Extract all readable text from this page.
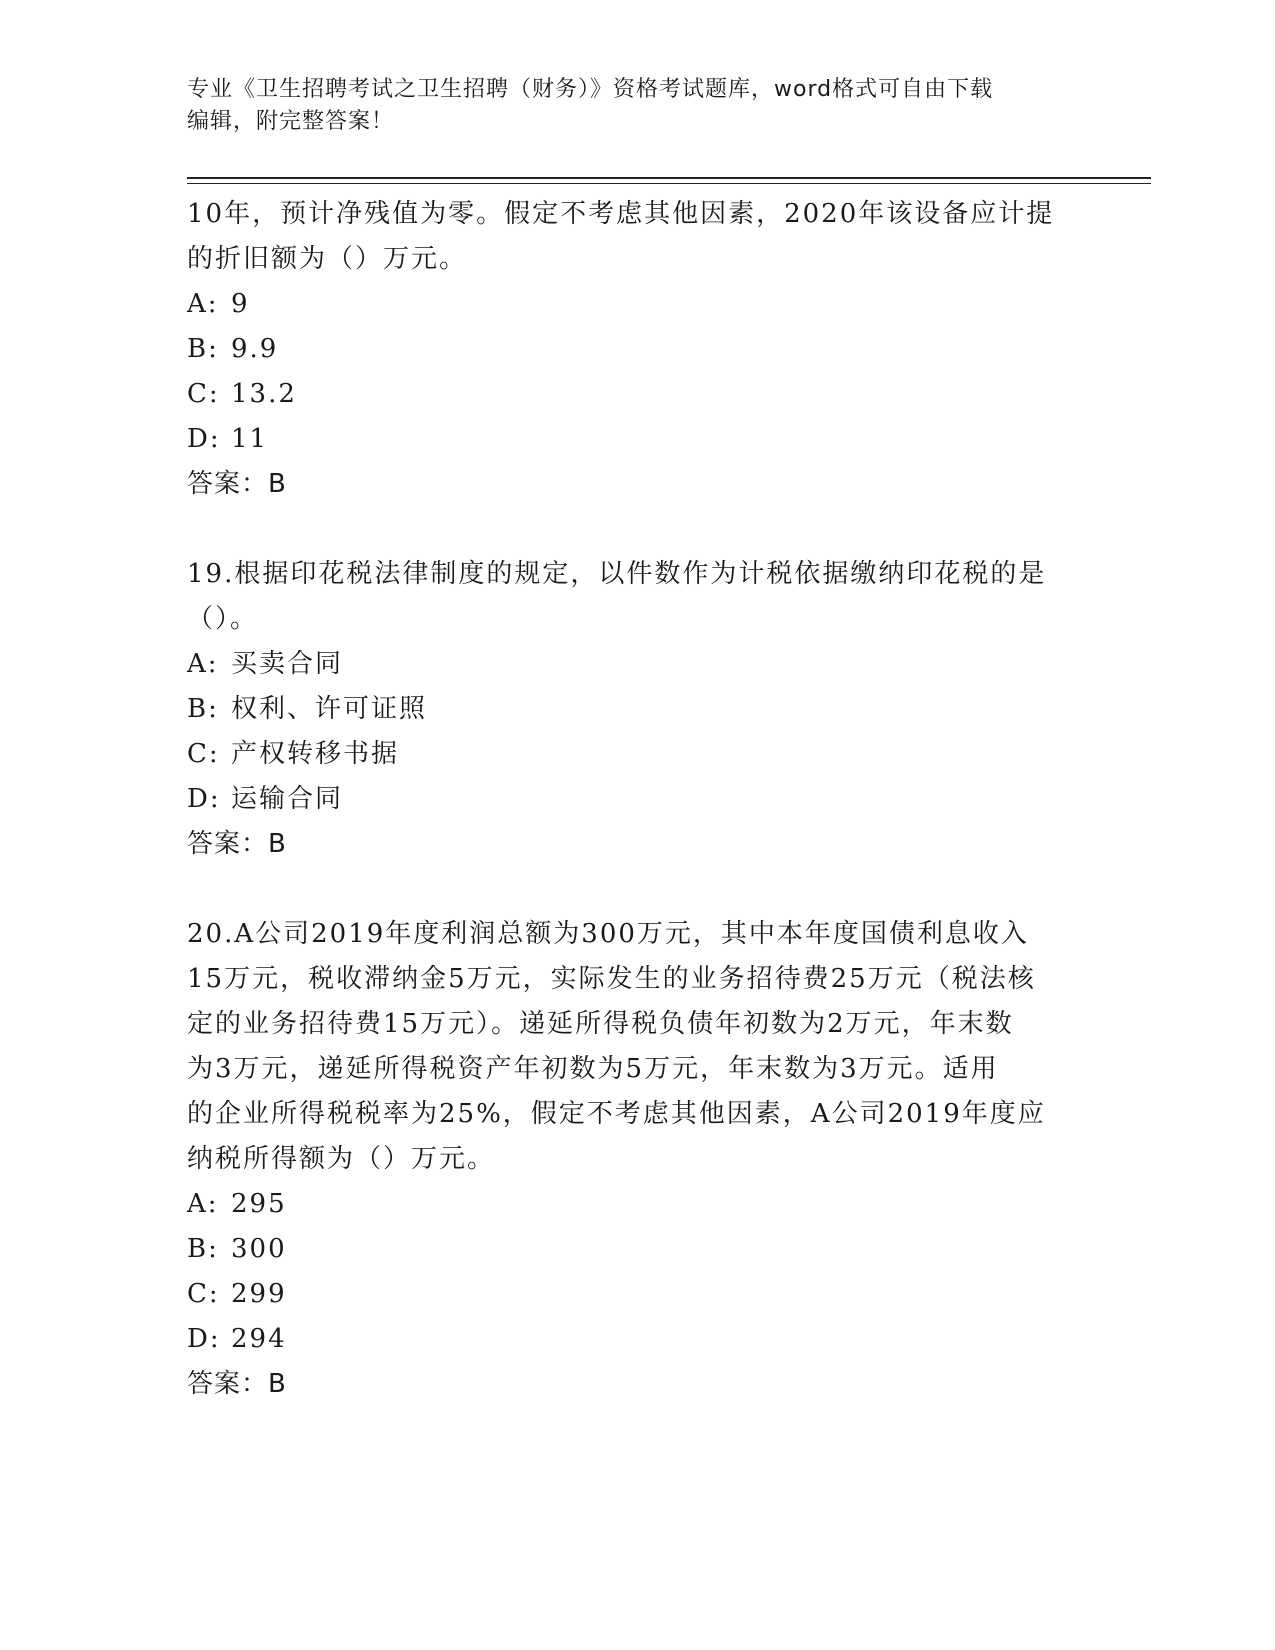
专业《卫生招聘考试之卫生招聘（财务）》资格考试题库，word格式可自由下载
编辑，附完整答案！
10年，预计净残值为零。假定不考虑其他因素，2020年该设备应计提
的折旧额为（）万元。
A: 9
B: 9.9
C: 13.2
D: 11
答案：B
19.根据印花税法律制度的规定，以件数作为计税依据缴纳印花税的是
（）。
A: 买卖合同
B: 权利、许可证照
C: 产权转移书据
D: 运输合同
答案：B
20.A公司2019年度利润总额为300万元，其中本年度国债利息收入
15万元，税收滞纳金5万元，实际发生的业务招待费25万元（税法核
定的业务招待费15万元）。递延所得税负债年初数为2万元，年末数
为3万元，递延所得税资产年初数为5万元，年末数为3万元。适用
的企业所得税税率为25%，假定不考虑其他因素，A公司2019年度应
纳税所得额为（）万元。
A: 295
B: 300
C: 299
D: 294
答案：B
